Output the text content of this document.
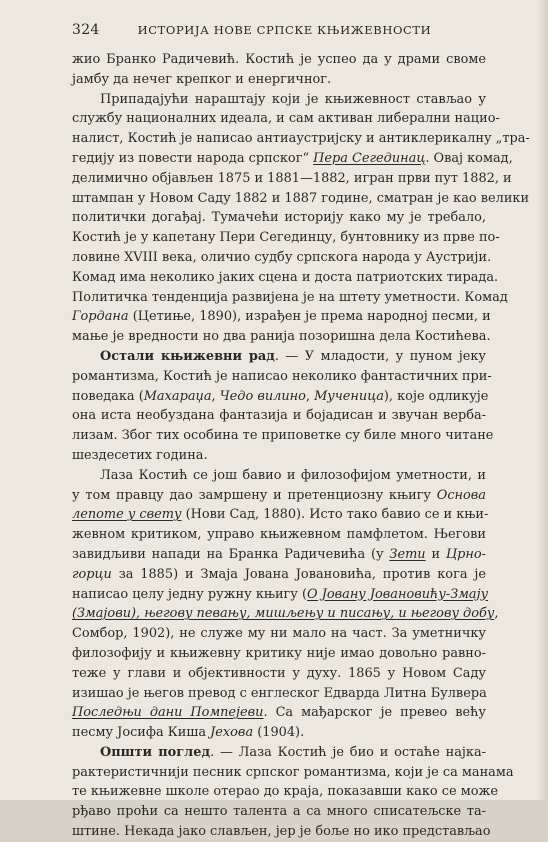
324	ИСТОРИЈА НОВЕ СРПСКЕ КЊИЖЕВНОСТИ

жио Бранко Радичевић. Костић је успео да у драми своме
јамбу да нечег крепког и енергичног.

Припадајући нараштају који је књижевност стављао у
службу националних идеала, и сам активан либерални нацио-
налист, Костић је написао антиаустријску и антиклерикалну „тра-
гедију из повести народа српског“ Пера Сегединац. Овај комад,
делимично објављен 1875 и 1881—1882, игран први пут 1882, и
штампан у Новом Саду 1882 и 1887 године, сматран је као велики
политички догађај. Тумачећи историју како му је требало,
Костић је у капетану Пери Сегединцу, бунтовнику из прве по-
ловине XVIII века, оличио судбу српскога народа у Аустрији.
Комад има неколико јаких сцена и доста патриотских тирада.
Политичка тенденција развијена је на штету уметности. Комад
Гордана (Цетиње, 1890), израђен је према народној песми, и
мање је вредности но два ранија позоришна дела Костићева.

Остали књижевни рад. — У младости, у пуном јеку
романтизма, Костић је написао неколико фантастичних при-
поведака (Махараџа, Чедо вилино, Мученица), које одликује
она иста необуздана фантазија и бојадисан и звучан верба-
лизам. Због тих особина те приповетке су биле много читане
шездесетих година.

Лаза Костић се још бавио и филозофијом уметности, и
у том правцу дао замршену и претенциозну књигу Основа
лепоте у свету (Нови Сад, 1880). Исто тако бавио се и књи-
жевном критиком, управо књижевном памфлетом. Његови
завидљиви напади на Бранка Радичевића (у Зети и Црно-
горци за 1885) и Змаја Јована Јовановића, против кога је
написао целу једну ружну књигу (О Јовану Јовановићу-Змају
(Змајови), његову певању, мишљењу и писању, и његову добу,
Сомбор, 1902), не служе му ни мало на част. За уметничку
филозофију и књижевну критику није имао довољно равно-
теже у глави и објективности у духу. 1865 у Новом Саду
изишао је његов превод с енглеског Едварда Литна Булвера
Последњи дани Помпејеви. Са мађарског је превео већу
песму Јосифа Киша Јехова (1904).

Општи поглед. — Лаза Костић је био и остаће најка-
рактеристичнији песник српског романтизма, који је са манама
те књижевне школе отерао до краја, показавши како се може
рђаво проћи са нешто талента а са много списатељске та-
штине. Некада јако слављен, јер је боље но ико представљао
